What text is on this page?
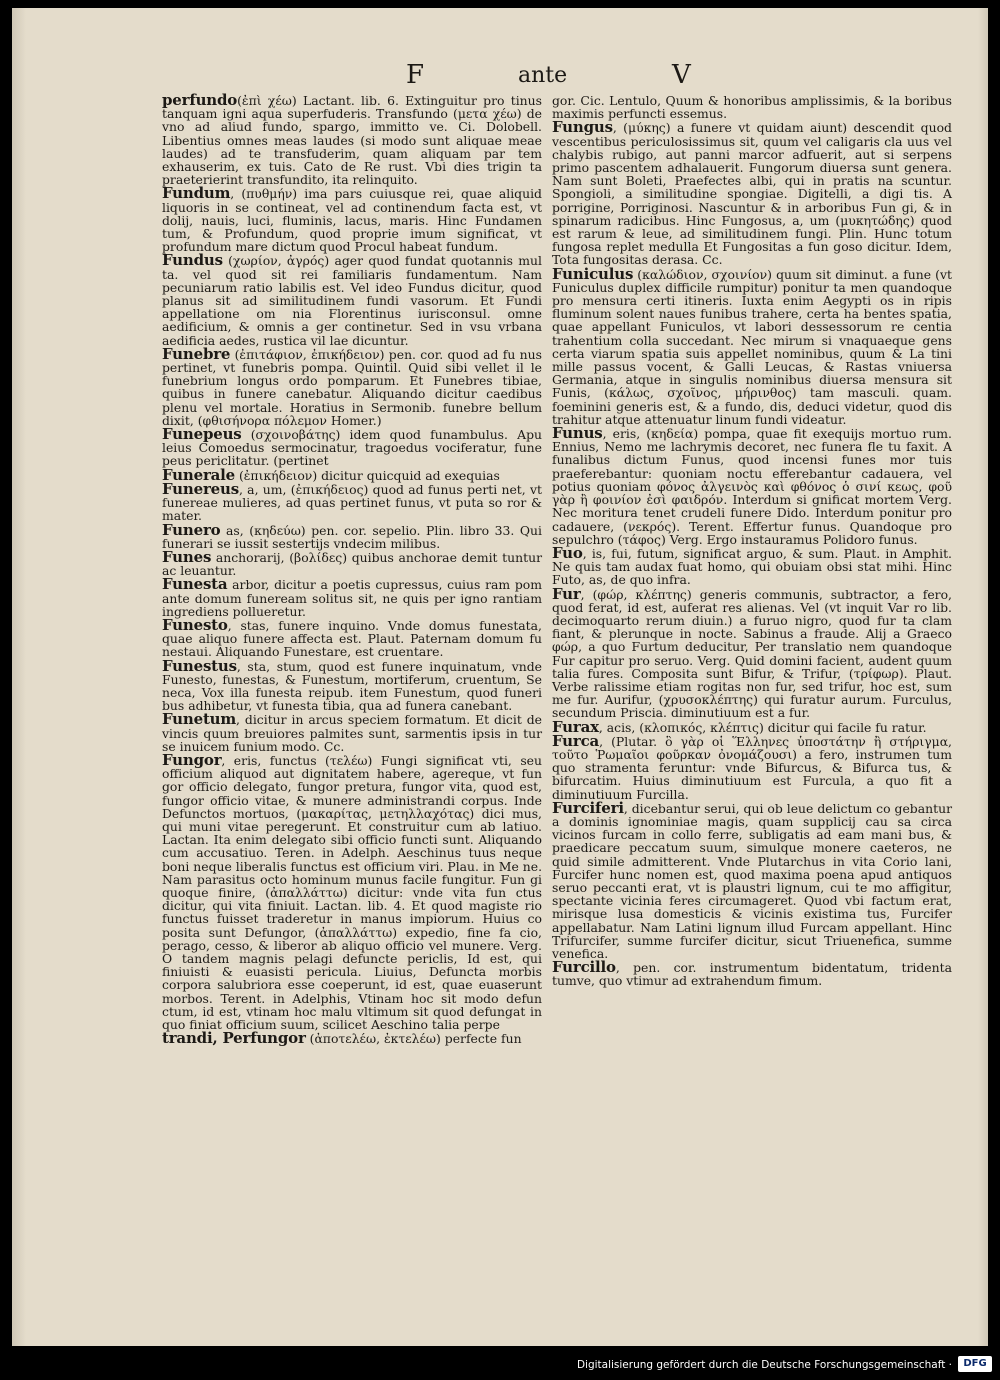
F	ante	V

perfundo(ἐπὶ χέω) Lactant. lib. 6. Extinguitur pro tinus tanquam igni aqua superfuderis. Transfundo (μετα χέω) de vno ad aliud fundo, spargo, immitto ve. Ci. Dolobell. Libentius omnes meas laudes (si modo sunt aliquae meae laudes) ad te transfuderim, quam aliquam par tem exhauserim, ex tuis. Cato de Re rust. Vbi dies trigin ta praeterierint transfundito, ita relinquito.

Fundum, (πυθμήν) ima pars cuiusque rei, quae aliquid liquoris in se contineat, vel ad continendum facta est, vt dolij, nauis, luci, fluminis, lacus, maris. Hinc Fundamen tum, & Profundum, quod proprie imum significat, vt profundum mare dictum quod Procul habeat fundum.

Fundus (χωρίον, ἀγρός) ager quod fundat quotannis mul ta. vel quod sit rei familiaris fundamentum. Nam pecuniarum ratio labilis est. Vel ideo Fundus dicitur, quod planus sit ad similitudinem fundi vasorum. Et Fundi appellatione om nia Florentinus iurisconsul. omne aedificium, & omnis a ger continetur. Sed in vsu vrbana aedificia aedes, rustica vil lae dicuntur.

Funebre (ἐπιτάφιον, ἐπικήδειον) pen. cor. quod ad fu nus pertinet, vt funebris pompa. Quintil. Quid sibi vellet il le funebrium longus ordo pomparum. Et Funebres tibiae, quibus in funere canebatur. Aliquando dicitur caedibus plenu vel mortale. Horatius in Sermonib. funebre bellum dixit, (φθισήνορα πόλεμον Homer.)

Funepeus (σχοινοβάτης) idem quod funambulus. Apu leius Comoedus sermocinatur, tragoedus vociferatur, fune peus periclitatur. (pertinet

Funerale (ἐπικήδειον) dicitur quicquid ad exequias

Funereus, a, um, (ἐπικήδειος) quod ad funus perti net, vt funereae mulieres, ad quas pertinet funus, vt puta so ror & mater.

Funero as, (κηδεύω) pen. cor. sepelio. Plin. libro 33. Qui funerari se iussit sestertijs vndecim milibus.

Funes anchorarij, (βολίδες) quibus anchorae demit tuntur ac leuantur.

Funesta arbor, dicitur a poetis cupressus, cuius ram pom ante domum funeream solitus sit, ne quis per igno rantiam ingrediens pollueretur.

Funesto, stas, funere inquino. Vnde domus funestata, quae aliquo funere affecta est. Plaut. Paternam domum fu nestaui. Aliquando Funestare, est cruentare.

Funestus, sta, stum, quod est funere inquinatum, vnde Funesto, funestas, & Funestum, mortiferum, cruentum, Se neca, Vox illa funesta reipub. item Funestum, quod funeri bus adhibetur, vt funesta tibia, qua ad funera canebant.

Funetum, dicitur in arcus speciem formatum. Et dicit de vincis quum breuiores palmites sunt, sarmentis ipsis in tur se inuicem funium modo. Cc.

Fungor, eris, functus (τελέω) Fungi significat vti, seu officium aliquod aut dignitatem habere, agereque, vt fun gor officio delegato, fungor pretura, fungor vita, quod est, fungor officio vitae, & munere administrandi corpus. Inde Defunctos mortuos, (μακαρίτας, μετηλλαχότας) dici mus, qui muni vitae peregerunt. Et construitur cum ab latiuo. Lactan. Ita enim delegato sibi officio functi sunt. Aliquando cum accusatiuo. Teren. in Adelph. Aeschinus tuus neque boni neque liberalis functus est officium viri. Plau. in Me ne. Nam parasitus octo hominum munus facile fungitur. Fun gi quoque finire, (ἀπαλλάττω) dicitur: vnde vita fun ctus dicitur, qui vita finiuit. Lactan. lib. 4. Et quod magiste rio functus fuisset traderetur in manus impiorum. Huius co posita sunt Defungor, (ἀπαλλάττω) expedio, fine fa cio, perago, cesso, & liberor ab aliquo officio vel munere. Verg. O tandem magnis pelagi defuncte periclis, Id est, qui finiuisti & euasisti pericula. Liuius, Defuncta morbis corpora salubriora esse coeperunt, id est, quae euaserunt morbos. Terent. in Adelphis, Vtinam hoc sit modo defun ctum, id est, vtinam hoc malu vltimum sit quod defungat in quo finiat officium suum, scilicet Aeschino talia perpe

trandi, Perfungor (ἀποτελέω, ἐκτελέω) perfecte fun

gor. Cic. Lentulo, Quum & honoribus amplissimis, & la boribus maximis perfuncti essemus.

Fungus, (μύκης) a funere vt quidam aiunt) descendit quod vescentibus periculosissimus sit, quum vel caligaris cla uus vel chalybis rubigo, aut panni marcor adfuerit, aut si serpens primo pascentem adhalauerit. Fungorum diuersa sunt genera. Nam sunt Boleti, Praefectes albi, qui in pratis na scuntur. Spongioli, a similitudine spongiae. Digitelli, a digi tis. A porrigine, Porriginosi. Nascuntur & in arboribus Fun gi, & in spinarum radicibus. Hinc Fungosus, a, um (μυκητώδης) quod est rarum & leue, ad similitudinem fungi. Plin. Hunc totum fungosa replet medulla Et Fungositas a fun goso dicitur. Idem, Tota fungositas derasa. Cc.

Funiculus (καλώδιον, σχοινίον) quum sit diminut. a fune (vt Funiculus duplex difficile rumpitur) ponitur ta men quandoque pro mensura certi itineris. Iuxta enim Aegypti os in ripis fluminum solent naues funibus trahere, certa ha bentes spatia, quae appellant Funiculos, vt labori dessessorum re centia trahentium colla succedant. Nec mirum si vnaquaeque gens certa viarum spatia suis appellet nominibus, quum & La tini mille passus vocent, & Galli Leucas, & Rastas vniuersa Germania, atque in singulis nominibus diuersa mensura sit Funis, (κάλως, σχοῖνος, μήρινθος) tam masculi. quam. foeminini generis est, & a fundo, dis, deduci videtur, quod dis trahitur atque attenuatur linum fundi videatur.

Funus, eris, (κηδεία) pompa, quae fit exequijs mortuo rum. Ennius, Nemo me lachrymis decoret, nec funera fle tu faxit. A funalibus dictum Funus, quod incensi funes mor tuis praeferebantur: quoniam noctu efferebantur cadauera, vel potius quoniam φόνος ἀλγεινὸς καὶ φθόνος ὁ σινί κεως, φοῦ γὰρ ἢ φοινίον ἐσὶ φαιδρόν. Interdum si gnificat mortem Verg. Nec moritura tenet crudeli funere Dido. Interdum ponitur pro cadauere, (νεκρός). Terent. Effertur funus. Quandoque pro sepulchro (τάφος) Verg. Ergo instauramus Polidoro funus.

Fuo, is, fui, futum, significat arguo, & sum. Plaut. in Amphit. Ne quis tam audax fuat homo, qui obuiam obsi stat mihi. Hinc Futo, as, de quo infra.

Fur, (φώρ, κλέπτης) generis communis, subtractor, a fero, quod ferat, id est, auferat res alienas. Vel (vt inquit Var ro lib. decimoquarto rerum diuin.) a furuo nigro, quod fur ta clam fiant, & plerunque in nocte. Sabinus a fraude. Alij a Graeco φώρ, a quo Furtum deducitur, Per translatio nem quandoque Fur capitur pro seruo. Verg. Quid domini facient, audent quum talia fures. Composita sunt Bifur, & Trifur, (τρίφωρ). Plaut. Verbe ralissime etiam rogitas non fur, sed trifur, hoc est, sum me fur. Aurifur, (χρυσοκλέπτης) qui furatur aurum. Furculus, secundum Priscia. diminutiuum est a fur.

Furax, acis, (κλοπικός, κλέπτις) dicitur qui facile fu ratur.

Furca, (Plutar. ὃ γὰρ οἱ Ἕλληνες ὑποστάτην ἢ στήριγμα, τοῦτο Ῥωμαῖοι φοῦρκαν ὀνομάζουσι) a fero, instrumen tum quo stramenta feruntur: vnde Bifurcus, & Bifurca tus, & bifurcatim. Huius diminutiuum est Furcula, a quo fit a diminutiuum Furcilla.

Furciferi, dicebantur serui, qui ob leue delictum co gebantur a dominis ignominiae magis, quam supplicij cau sa circa vicinos furcam in collo ferre, subligatis ad eam mani bus, & praedicare peccatum suum, simulque monere caeteros, ne quid simile admitterent. Vnde Plutarchus in vita Corio lani, Furcifer hunc nomen est, quod maxima poena apud antiquos seruo peccanti erat, vt is plaustri lignum, cui te mo affigitur, spectante vicinia feres circumageret. Quod vbi factum erat, mirisque lusa domesticis & vicinis existima tus, Furcifer appellabatur. Nam Latini lignum illud Furcam appellant. Hinc Trifurcifer, summe furcifer dicitur, sicut Triuenefica, summe venefica.

Furcillo, pen. cor. instrumentum bidentatum, tridenta tumve, quo vtimur ad extrahendum fimum.

Digitalisierung gefördert durch die Deutsche Forschungsgemeinschaft ·	DFG
